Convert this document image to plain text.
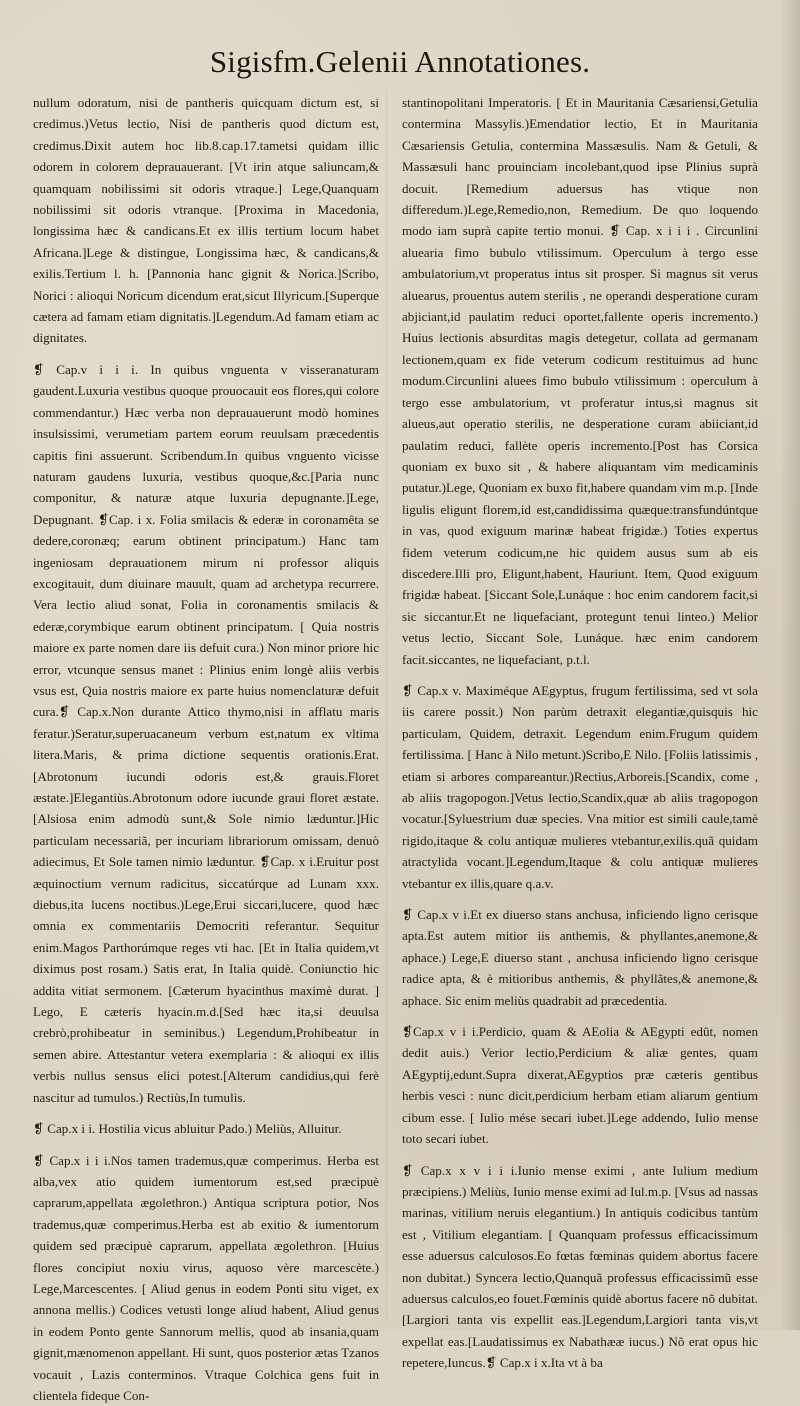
Sigisfm.Gelenii Annotationes.

nullum odoratum, nisi de pantheris quicquam dictum est, si credimus.)Vetus lectio, Nisi de pantheris quod dictum est, credimus.Dixit autem hoc lib.8.cap.17.tametsi quidam illic odorem in colorem deprauauerant. [Vt irin atque saliuncam,& quamquam nobilissimi sit odoris vtraque.] Lege,Quanquam nobilissimi sit odoris vtranque. [Proxima in Macedonia, longissima hæc & candicans.Et ex illis tertium locum habet Africana.]Lege & distingue, Longissima hæc, & candicans,& exilis.Tertium l. h. [Pannonia hanc gignit & Norica.]Scribo, Norici : alioqui Noricum dicendum erat,sicut Illyricum.[Superque cætera ad famam etiam dignitatis.]Legendum.Ad famam etiam ac dignitates.

❡ Cap.v i i i. In quibus vnguenta v visseranaturam gaudent.Luxuria vestibus quoque prouocauit eos flores,qui colore commendantur.) Hæc verba non deprauauerunt modò homines insulsissimi, verumetiam partem eorum reuulsam præcedentis capitis fini assuerunt. Scribendum.In quibus vnguento vicisse naturam gaudens luxuria, vestibus quoque,&c.[Paria nunc componitur, & naturæ atque luxuria depugnante.]Lege, Depugnant. ❡Cap. i x. Folia smilacis & ederæ in coronamêta se dedere,coronæq; earum obtinent principatum.) Hanc tam ingeniosam deprauationem mirum ni professor aliquis excogitauit, dum diuinare mauult, quam ad archetypa recurrere. Vera lectio aliud sonat, Folia in coronamentis smilacis & ederæ,corymbique earum obtinent principatum. [ Quia nostris maiore ex parte nomen dare iis defuit cura.) Non minor priore hic error, vtcunque sensus manet : Plinius enim longè aliis verbis vsus est, Quia nostris maiore ex parte huius nomenclaturæ defuit cura.❡ Cap.x.Non durante Attico thymo,nisi in afflatu maris feratur.)Seratur,superuacaneum verbum est,natum ex vltima litera.Maris, & prima dictione sequentis orationis.Erat.[Abrotonum iucundi odoris est,& grauis.Floret æstate.]Elegantiùs.Abrotonum odore iucunde graui floret æstate.[Alsiosa enim admodù sunt,& Sole nimio læduntur.]Hic particulam necessariã, per incuriam librariorum omissam, denuò adiecimus, Et Sole tamen nimio læduntur. ❡Cap. x i.Eruitur post æquinoctium vernum radicitus, siccatúrque ad Lunam xxx. diebus,ita lucens noctibus.)Lege,Erui siccari,lucere, quod hæc omnia ex commentariis Democriti referantur. Sequitur enim.Magos Parthorúmque reges vti hac. [Et in Italia quidem,vt diximus post rosam.) Satis erat, In Italia quidè. Coniunctio hic addita vitiat sermonem. [Cæterum hyacinthus maximè durat. ] Lego, E cæteris hyacin.m.d.[Sed hæc ita,si deuulsa crebrò,prohibeatur in seminibus.) Legendum,Prohibeatur in semen abire. Attestantur vetera exemplaria : & alioqui ex illis verbis nullus sensus elici potest.[Alterum candidius,qui ferè nascitur ad tumulos.) Rectiùs,In tumulis.

❡ Cap.x i i. Hostilia vicus abluitur Pado.) Meliùs, Alluitur.

❡ Cap.x i i i.Nos tamen trademus,quæ comperimus. Herba est alba,vex atio quidem iumentorum est,sed præcipuè caprarum,appellata ægolethron.) Antiqua scriptura potior, Nos trademus,quæ comperimus.Herba est ab exitio & iumentorum quidem sed præcipuè caprarum, appellata ægolethron. [Huius flores concipiut noxiu virus, aquoso vère marcescète.) Lege,Marcescentes. [ Aliud genus in eodem Ponti situ viget, ex annona mellis.) Codices vetusti longe aliud habent, Aliud genus in eodem Ponto gente Sannorum mellis, quod ab insania,quam gignit,mænomenon appellant. Hi sunt, quos posterior ætas Tzanos vocauit , Lazis conterminos. Vtraque Colchica gens fuit in clientela fideque Con-

stantinopolitani Imperatoris. [ Et in Mauritania Cæsariensi,Getulia contermina Massylis.)Emendatior lectio, Et in Mauritania Cæsariensis Getulia, contermina Massæsulis. Nam & Getuli, & Massæsuli hanc prouinciam incolebant,quod ipse Plinius suprà docuit. [Remedium aduersus has vtique non differedum.)Lege,Remedio,non, Remedium. De quo loquendo modo iam suprà capite tertio monui. ❡ Cap. x i i i . Circunlini aluearia fimo bubulo vtilissimum. Operculum à tergo esse ambulatorium,vt properatus intus sit prosper. Si magnus sit verus aluearus, prouentus autem sterilis , ne operandi desperatione curam abjiciant,id paulatim reduci oportet,fallente operis incremento.) Huius lectionis absurditas magis detegetur, collata ad germanam lectionem,quam ex fide veterum codicum restituimus ad hunc modum.Circunlini aluees fimo bubulo vtilissimum : operculum à tergo esse ambulatorium, vt proferatur intus,si magnus sit alueus,aut operatio sterilis, ne desperatione curam abiiciant,id paulatim reduci, fallète operis incremento.[Post has Corsica quoniam ex buxo sit , & habere aliquantam vim medicaminis putatur.)Lege, Quoniam ex buxo fit,habere quandam vim m.p. [Inde ligulis eligunt florem,id est,candidissima quæque:transfundúntque in vas, quod exiguum marinæ habeat frigidæ.) Toties expertus fidem veterum codicum,ne hic quidem ausus sum ab eis discedere.Illi pro, Eligunt,habent, Hauriunt. Item, Quod exiguum frigidæ habeat. [Siccant Sole,Lunáque : hoc enim candorem facit,si sic siccantur.Et ne liquefaciant, protegunt tenui linteo.) Melior vetus lectio, Siccant Sole, Lunáque. hæc enim candorem facit.siccantes, ne liquefaciant, p.t.l.

❡ Cap.x v. Maximéque AEgyptus, frugum fertilissima, sed vt sola iis carere possit.) Non parùm detraxit elegantiæ,quisquis hic particulam, Quidem, detraxit. Legendum enim.Frugum quidem fertilissima. [ Hanc à Nilo metunt.)Scribo,E Nilo. [Foliis latissimis , etiam si arbores compareantur.)Rectius,Arboreis.[Scandix, come , ab aliis tragopogon.]Vetus lectio,Scandix,quæ ab aliis tragopogon vocatur.[Syluestrium duæ species. Vna mitior est simili caule,tamè rigido,itaque & colu antiquæ mulieres vtebantur,exilis.quã quidam atractylida vocant.]Legendum,Itaque & colu antiquæ mulieres vtebantur ex illis,quare q.a.v.

❡ Cap.x v i.Et ex diuerso stans anchusa, inficiendo ligno cerisque apta.Est autem mitior iis anthemis, & phyllantes,anemone,& aphace.) Lege,E diuerso stant , anchusa inficiendo ligno cerisque radice apta, & è mitioribus anthemis, & phyllãtes,& anemone,& aphace. Sic enim meliùs quadrabit ad præcedentia.

❡Cap.x v i i.Perdicio, quam & AEolia & AEgypti edût, nomen dedit auis.) Verior lectio,Perdicium & aliæ gentes, quam AEgyptij,edunt.Supra dixerat,AEgyptios præ cæteris gentibus herbis vesci : nunc dicit,perdicium herbam etiam aliarum gentium cibum esse. [ Iulio mése secari iubet.]Lege addendo, Iulio mense toto secari iubet.

❡ Cap.x x v i i i.Iunio mense eximi , ante Iulium medium præcipiens.) Meliùs, Iunio mense eximi ad Iul.m.p. [Vsus ad nassas marinas, vitilium neruis elegantium.) In antiquis codicibus tantùm est , Vitilium elegantiam. [ Quanquam professus efficacissimum esse aduersus calculosos.Eo fœtas fœminas quidem abortus facere non dubitat.) Syncera lectio,Quanquã professus efficacissimũ esse aduersus calculos,eo fouet.Fœminis quidè abortus facere nõ dubitat. [Largiori tanta vis expellit eas.]Legendum,Largiori tanta vis,vt expellat eas.[Laudatissimus ex Nabathææ iucus.) Nõ erat opus hic repetere,Iuncus.❡ Cap.x i x.Ita vt à ba
